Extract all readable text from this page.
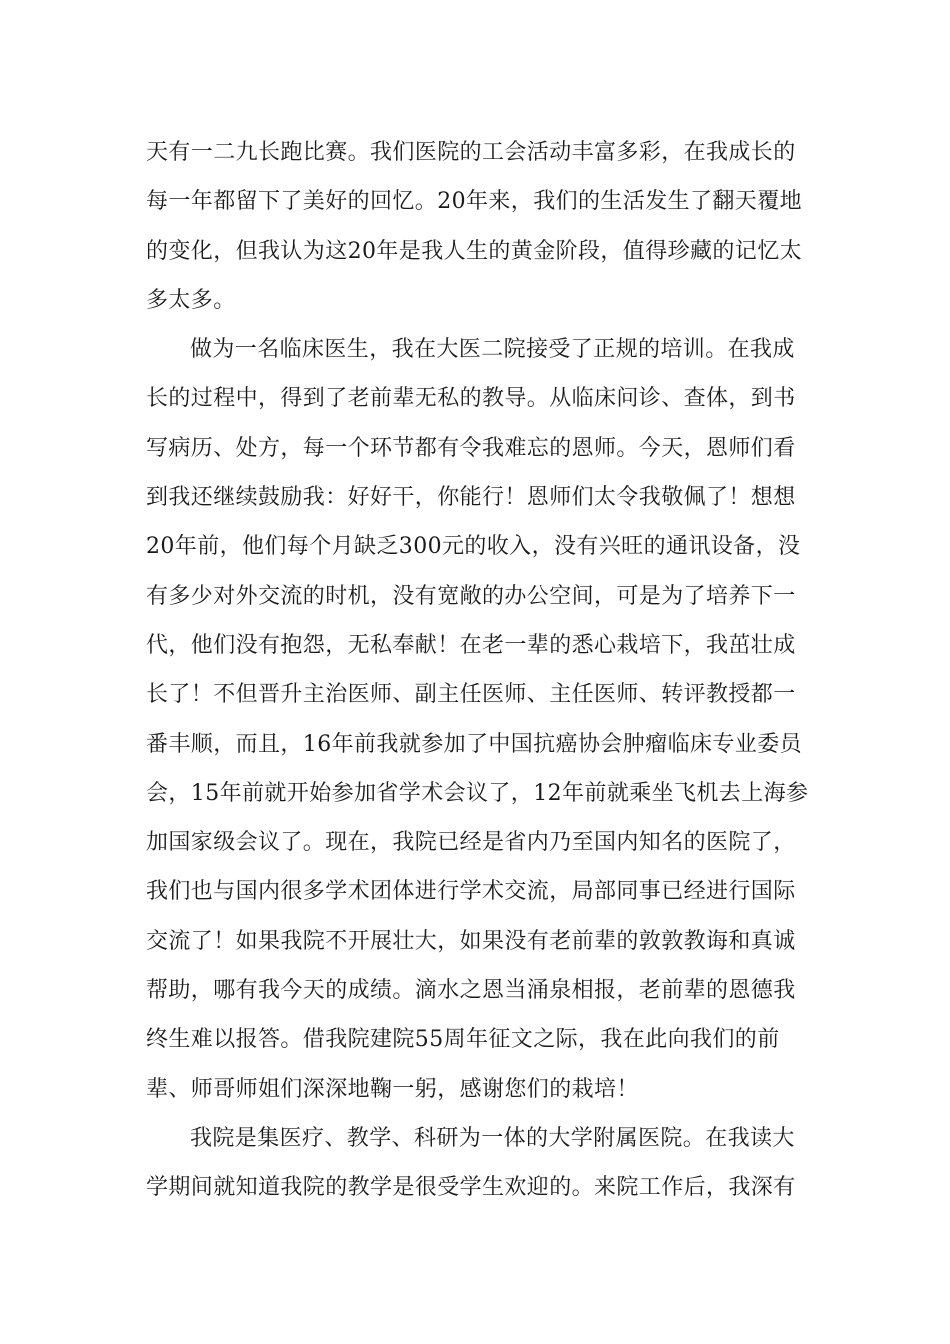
天有一二九长跑比赛。我们医院的工会活动丰富多彩，在我成长的
每一年都留下了美好的回忆。20年来，我们的生活发生了翻天覆地
的变化，但我认为这20年是我人生的黄金阶段，值得珍藏的记忆太
多太多。
做为一名临床医生，我在大医二院接受了正规的培训。在我成
长的过程中，得到了老前辈无私的教导。从临床问诊、查体，到书
写病历、处方，每一个环节都有令我难忘的恩师。今天，恩师们看
到我还继续鼓励我：好好干，你能行！恩师们太令我敬佩了！想想
20年前，他们每个月缺乏300元的收入，没有兴旺的通讯设备，没
有多少对外交流的时机，没有宽敞的办公空间，可是为了培养下一
代，他们没有抱怨，无私奉献！在老一辈的悉心栽培下，我茁壮成
长了！不但晋升主治医师、副主任医师、主任医师、转评教授都一
番丰顺，而且，16年前我就参加了中国抗癌协会肿瘤临床专业委员
会，15年前就开始参加省学术会议了，12年前就乘坐飞机去上海参
加国家级会议了。现在，我院已经是省内乃至国内知名的医院了，
我们也与国内很多学术团体进行学术交流，局部同事已经进行国际
交流了！如果我院不开展壮大，如果没有老前辈的敦敦教诲和真诚
帮助，哪有我今天的成绩。滴水之恩当涌泉相报，老前辈的恩德我
终生难以报答。借我院建院55周年征文之际，我在此向我们的前
辈、师哥师姐们深深地鞠一躬，感谢您们的栽培！
我院是集医疗、教学、科研为一体的大学附属医院。在我读大
学期间就知道我院的教学是很受学生欢迎的。来院工作后，我深有
